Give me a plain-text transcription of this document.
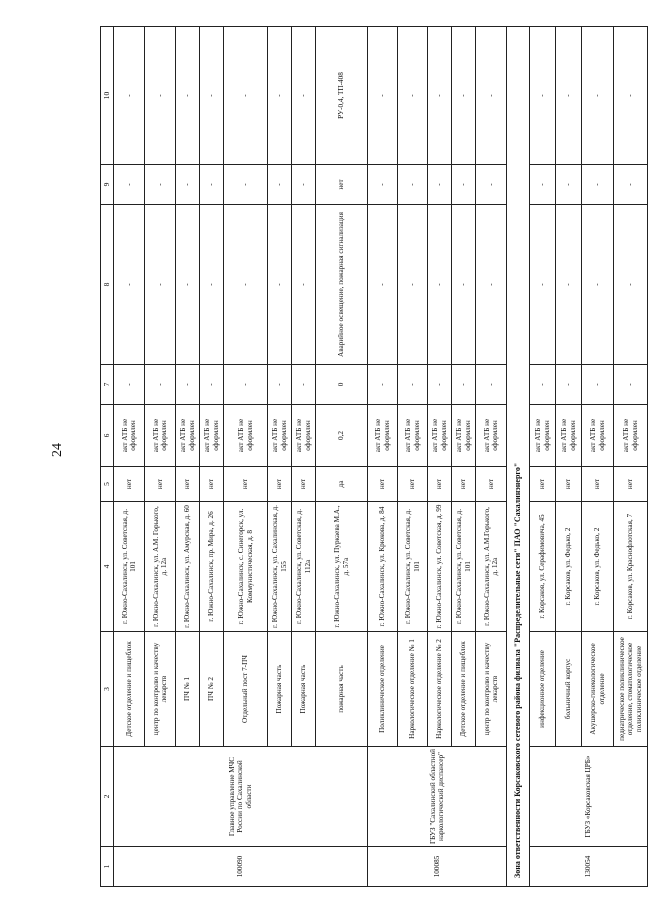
24
1	2	3	4	5	6	7	8	9	10
100090	Главное управление МЧС России по Сахалинской области	Детское отделение и пищеблок	г. Южно-Сахалинск, ул. Советская, д. 101	нет	акт АТБ не оформлен	-	-	-	-
		центр по контролю и качеству лекарств	г. Южно-Сахалинск, ул. А.М. Горького, д. 12а	нет	акт АТБ не оформлен	-	-	-	-
		ПЧ № 1	г. Южно-Сахалинск, ул. Амурская, д. 60	нет	акт АТБ не оформлен	-	-	-	-
		ПЧ № 2	г. Южно-Сахалинск, пр. Мира, д. 26	нет	акт АТБ не оформлен	-	-	-	-
		Отдельный пост 7-ПЧ	г. Южно-Сахалинск, с. Синегорск, ул. Коммунистическая, д. 8	нет	акт АТБ не оформлен	-	-	-	-
		Пожарная часть	г. Южно-Сахалинск, ул. Сахалинская, д. 155	нет	акт АТБ не оформлен	-	-	-	-
		Пожарная часть	г. Южно-Сахалинск, ул. Советская, д. 112а	нет	акт АТБ не оформлен	-	-	-	-
		пожарная часть	г. Южно-Сахалинск, ул. Пуркаева М.А., д. 57а	да	0,2	0	Аварийное освещение, пожарная сигнализация	нет	РУ-0,4, ТП-408
100085	ГБУЗ "Сахалинский областной наркологический диспансер"	Поликлиническое отделение	г. Южно-Сахалинск, ул. Крюкова, д. 84	нет	акт АТБ не оформлен	-	-	-	-
		Наркологическое отделение № 1	г. Южно-Сахалинск, ул. Советская, д. 101	нет	акт АТБ не оформлен	-	-	-	-
		Наркологическое отделение № 2	г. Южно-Сахалинск, ул. Советская, д. 99	нет	акт АТБ не оформлен	-	-	-	-
		Детское отделение и пищеблок	г. Южно-Сахалинск, ул. Советская, д. 101	нет	акт АТБ не оформлен	-	-	-	-
		центр по контролю и качеству лекарств	г. Южно-Сахалинск, ул. А.М.Горького, д. 12а	нет	акт АТБ не оформлен	-	-	-	-
Зона ответственности Корсаковского сетевого района филиала "Распределительные сети" ПАО "Сахалинэнерго"									
130054	ГБУЗ «Корсаковская ЦРБ»	инфекционное отделение	г. Корсаков, ул. Серафимовича, 45	нет	акт АТБ не оформлен	-	-	-	-
		больничный корпус	г. Корсаков, ул. Федько, 2	нет	акт АТБ не оформлен	-	-	-	-
		Акушерско-гинекологическое отделение	г. Корсаков, ул. Федько, 2	нет	акт АТБ не оформлен	-	-	-	-
		педиатрическое поликлиническое отделение, стоматологическое поликлиническое отделение	г. Корсаков, ул. Краснофлотская, 7	нет	акт АТБ не оформлен	-	-	-	-
